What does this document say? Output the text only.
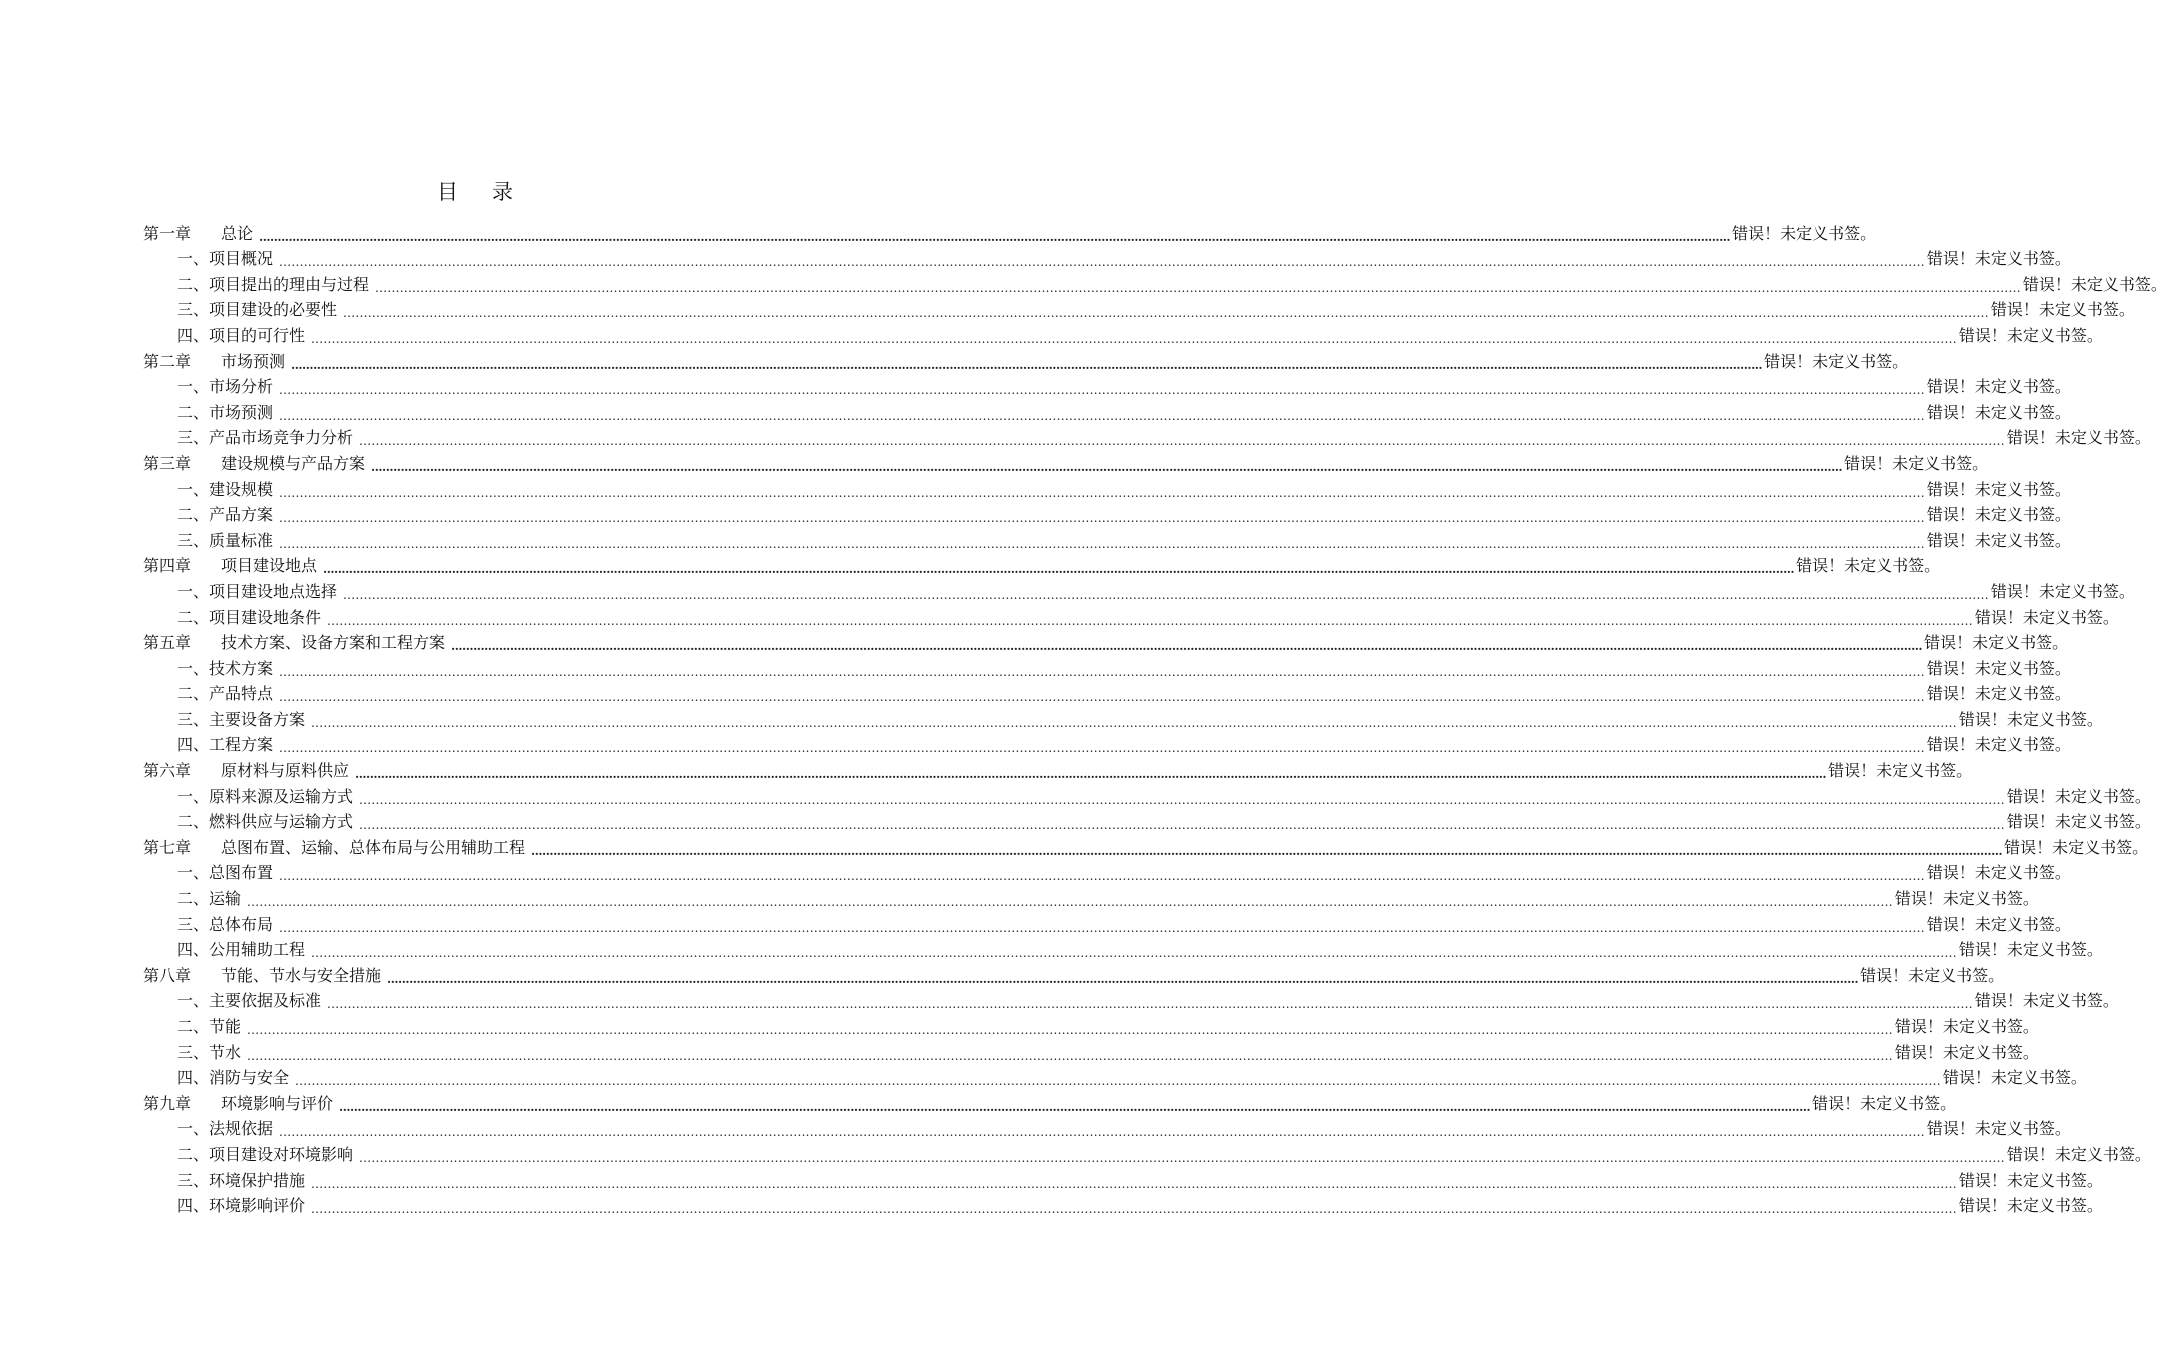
目 录
第一章 总论 ................................................................................................................................................................................................................................................................................................................................................................................................................ 错误！未定义书签。
一、项目概况 ................................................................................................................................................................................................................................................................................................................................................................................................................ 错误！未定义书签。
二、项目提出的理由与过程 ................................................................................................................................................................................................................................................................................................................................................................................................................ 错误！未定义书签。
三、项目建设的必要性 ................................................................................................................................................................................................................................................................................................................................................................................................................ 错误！未定义书签。
四、项目的可行性 ................................................................................................................................................................................................................................................................................................................................................................................................................ 错误！未定义书签。
第二章 市场预测 ................................................................................................................................................................................................................................................................................................................................................................................................................ 错误！未定义书签。
一、市场分析 ................................................................................................................................................................................................................................................................................................................................................................................................................ 错误！未定义书签。
二、市场预测 ................................................................................................................................................................................................................................................................................................................................................................................................................ 错误！未定义书签。
三、产品市场竞争力分析 ................................................................................................................................................................................................................................................................................................................................................................................................................ 错误！未定义书签。
第三章 建设规模与产品方案 ................................................................................................................................................................................................................................................................................................................................................................................................................ 错误！未定义书签。
一、建设规模 ................................................................................................................................................................................................................................................................................................................................................................................................................ 错误！未定义书签。
二、产品方案 ................................................................................................................................................................................................................................................................................................................................................................................................................ 错误！未定义书签。
三、质量标准 ................................................................................................................................................................................................................................................................................................................................................................................................................ 错误！未定义书签。
第四章 项目建设地点 ................................................................................................................................................................................................................................................................................................................................................................................................................ 错误！未定义书签。
一、项目建设地点选择 ................................................................................................................................................................................................................................................................................................................................................................................................................ 错误！未定义书签。
二、项目建设地条件 ................................................................................................................................................................................................................................................................................................................................................................................................................ 错误！未定义书签。
第五章 技术方案、设备方案和工程方案 ................................................................................................................................................................................................................................................................................................................................................................................................................ 错误！未定义书签。
一、技术方案 ................................................................................................................................................................................................................................................................................................................................................................................................................ 错误！未定义书签。
二、产品特点 ................................................................................................................................................................................................................................................................................................................................................................................................................ 错误！未定义书签。
三、主要设备方案 ................................................................................................................................................................................................................................................................................................................................................................................................................ 错误！未定义书签。
四、工程方案 ................................................................................................................................................................................................................................................................................................................................................................................................................ 错误！未定义书签。
第六章 原材料与原料供应 ................................................................................................................................................................................................................................................................................................................................................................................................................ 错误！未定义书签。
一、原料来源及运输方式 ................................................................................................................................................................................................................................................................................................................................................................................................................ 错误！未定义书签。
二、燃料供应与运输方式 ................................................................................................................................................................................................................................................................................................................................................................................................................ 错误！未定义书签。
第七章 总图布置、运输、总体布局与公用辅助工程 ................................................................................................................................................................................................................................................................................................................................................................................................................ 错误！未定义书签。
一、总图布置 ................................................................................................................................................................................................................................................................................................................................................................................................................ 错误！未定义书签。
二、运输 ................................................................................................................................................................................................................................................................................................................................................................................................................ 错误！未定义书签。
三、总体布局 ................................................................................................................................................................................................................................................................................................................................................................................................................ 错误！未定义书签。
四、公用辅助工程 ................................................................................................................................................................................................................................................................................................................................................................................................................ 错误！未定义书签。
第八章 节能、节水与安全措施 ................................................................................................................................................................................................................................................................................................................................................................................................................ 错误！未定义书签。
一、主要依据及标准 ................................................................................................................................................................................................................................................................................................................................................................................................................ 错误！未定义书签。
二、节能 ................................................................................................................................................................................................................................................................................................................................................................................................................ 错误！未定义书签。
三、节水 ................................................................................................................................................................................................................................................................................................................................................................................................................ 错误！未定义书签。
四、消防与安全 ................................................................................................................................................................................................................................................................................................................................................................................................................ 错误！未定义书签。
第九章 环境影响与评价 ................................................................................................................................................................................................................................................................................................................................................................................................................ 错误！未定义书签。
一、法规依据 ................................................................................................................................................................................................................................................................................................................................................................................................................ 错误！未定义书签。
二、项目建设对环境影响 ................................................................................................................................................................................................................................................................................................................................................................................................................ 错误！未定义书签。
三、环境保护措施 ................................................................................................................................................................................................................................................................................................................................................................................................................ 错误！未定义书签。
四、环境影响评价 ................................................................................................................................................................................................................................................................................................................................................................................................................ 错误！未定义书签。
